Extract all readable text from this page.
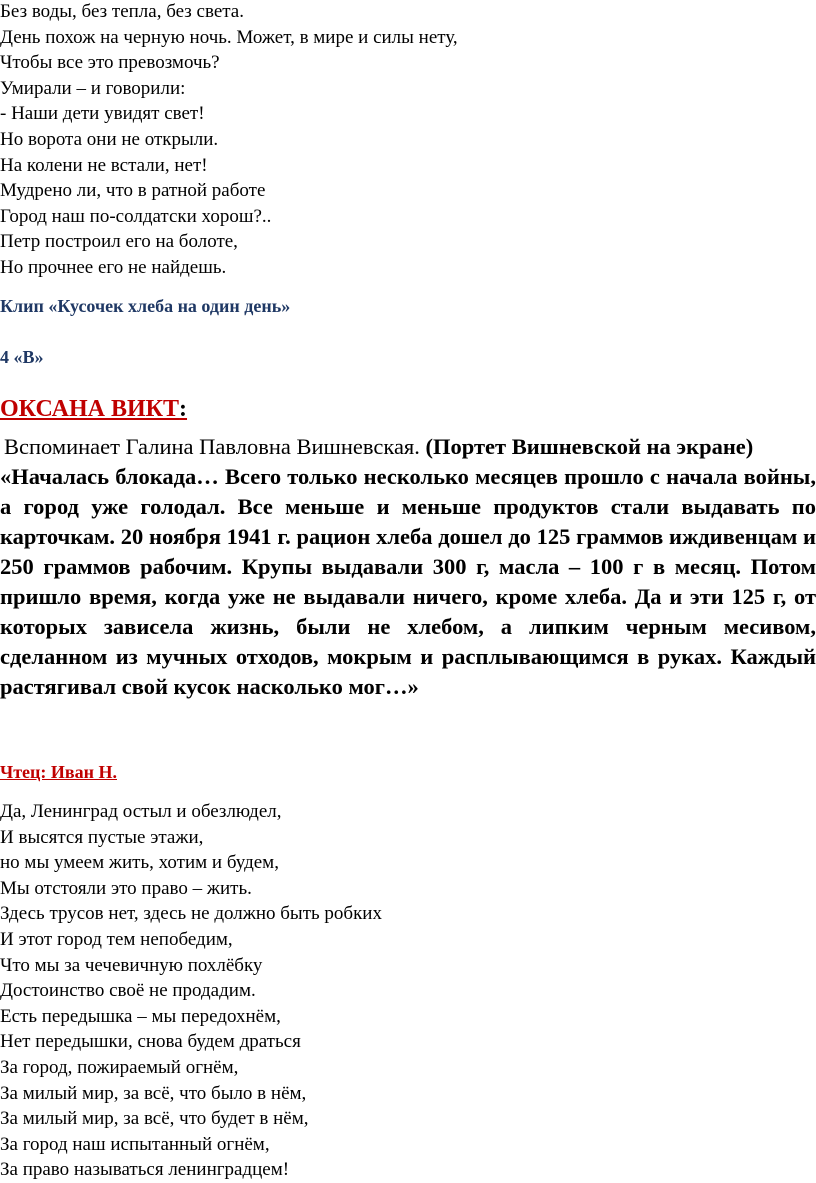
Без воды, без тепла, без света.
День похож на черную ночь. Может, в мире и силы нету,
Чтобы все это превозмочь?
Умирали – и говорили:
- Наши дети увидят свет!
Но ворота они не открыли.
На колени не встали, нет!
Мудрено ли, что в ратной работе
Город наш по-солдатски хорош?..
Петр построил его на болоте,
Но прочнее его не найдешь.
Клип «Кусочек хлеба на один день»
4 «В»
ОКСАНА ВИКТ:

Вспоминает Галина Павловна Вишневская. (Портет Вишневской на экране)

«Началась блокада… Всего только несколько месяцев прошло с начала войны, а город уже голодал. Все меньше и меньше продуктов стали выдавать по карточкам. 20 ноября 1941 г. рацион хлеба дошел до 125 граммов иждивенцам и 250 граммов рабочим. Крупы выдавали 300 г, масла – 100 г в месяц. Потом пришло время, когда уже не выдавали ничего, кроме хлеба. Да и эти 125 г, от которых зависела жизнь, были не хлебом, а липким черным месивом, сделанном из мучных отходов, мокрым и расплывающимся в руках. Каждый растягивал свой кусок насколько мог…»

Чтец: Иван Н.
Да, Ленинград остыл и обезлюдел,
И высятся пустые этажи,
но мы умеем жить, хотим и будем,
Мы отстояли это право – жить.
Здесь трусов нет, здесь не должно быть робких
И этот город тем непобедим,
Что мы за чечевичную похлёбку
Достоинство своё не продадим.
Есть передышка – мы передохнём,
Нет передышки, снова будем драться
За город, пожираемый огнём,
За милый мир, за всё, что было в нём,
За милый мир, за всё, что будет в нём,
За город наш испытанный огнём,
За право называться ленинградцем!
